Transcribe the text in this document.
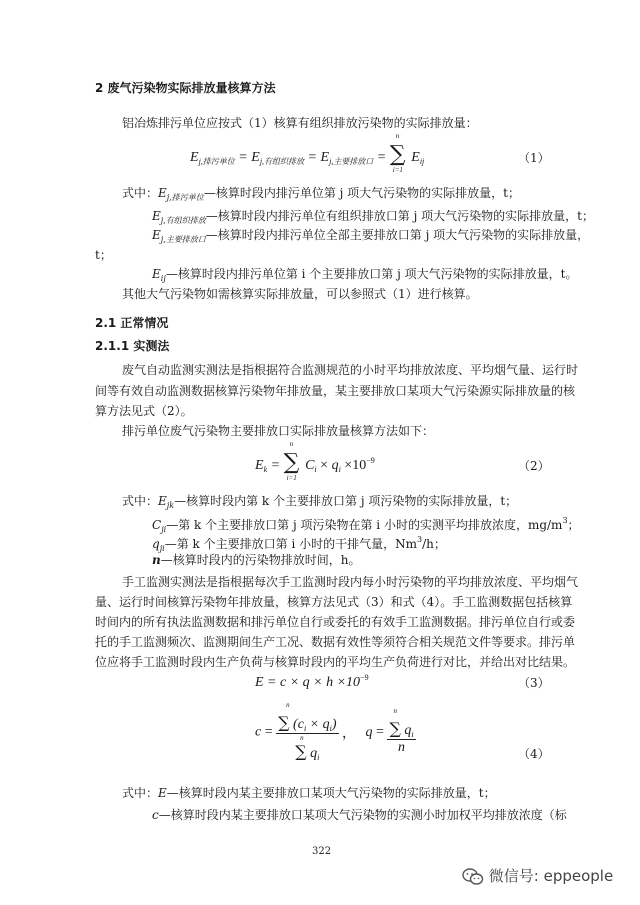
2 废气污染物实际排放量核算方法
铝冶炼排污单位应按式（1）核算有组织排放污染物的实际排放量：
$E_{j,排污单位} = E_{j,有组织排放} = E_{j,主要排放口}$ =
n
∑
i=1
$E_{ij}$	（1）
式中：$E_{j,排污单位}—$核算时段内排污单位第 j 项大气污染物的实际排放量，t；
$E_{j,有组织排放}—$核算时段内排污单位有组织排放口第 j 项大气污染物的实际排放量，t；
$E_{j,主要排放口}—$核算时段内排污单位全部主要排放口第 j 项大气污染物的实际排放量，
t；
$E_{ij}—$核算时段内排污单位第 i 个主要排放口第 j 项大气污染物的实际排放量，t。
其他大气污染物如需核算实际排放量，可以参照式（1）进行核算。
2.1 正常情况
2.1.1 实测法
废气自动监测实测法是指根据符合监测规范的小时平均排放浓度、平均烟气量、运行时
间等有效自动监测数据核算污染物年排放量，某主要排放口某项大气污染源实际排放量的核
算方法见式（2）。
排污单位废气污染物主要排放口实际排放量核算方法如下：
$E_k$ =
n
∑
i=1
$C_i \times q_i \times 10^{-9}$	（2）
式中：$E_{jk}—$核算时段内第 k 个主要排放口第 j 项污染物的实际排放量，t；
$C_{ji}—$第 k 个主要排放口第 j 项污染物在第 i 小时的实测平均排放浓度，$mg/m^3$；
$q_{ji}—$第 k 个主要排放口第 i 小时的干排气量，Nm$^3$/h；
n—核算时段内的污染物排放时间，h。
手工监测实测法是指根据每次手工监测时段内每小时污染物的平均排放浓度、平均烟气
量、运行时间核算污染物年排放量，核算方法见式（3）和式（4）。手工监测数据包括核算
时间内的所有执法监测数据和排污单位自行或委托的有效手工监测数据。排污单位自行或委
托的手工监测频次、监测期间生产工况、数据有效性等须符合相关规范文件等要求。排污单
位应将手工监测时段内生产负荷与核算时段内的平均生产负荷进行对比，并给出对比结果。
$E = c \times q \times h \times 10^{-9}$	（3）
c = n
∑ $(c_i \times q_i)$
n
∑ $q_i$ ， q = n
∑ $q_i$
n	（4）
式中：E—核算时段内某主要排放口某项大气污染物的实际排放量，t；
c—核算时段内某主要排放口某项大气污染物的实测小时加权平均排放浓度（标
322
微信号: eppeople
